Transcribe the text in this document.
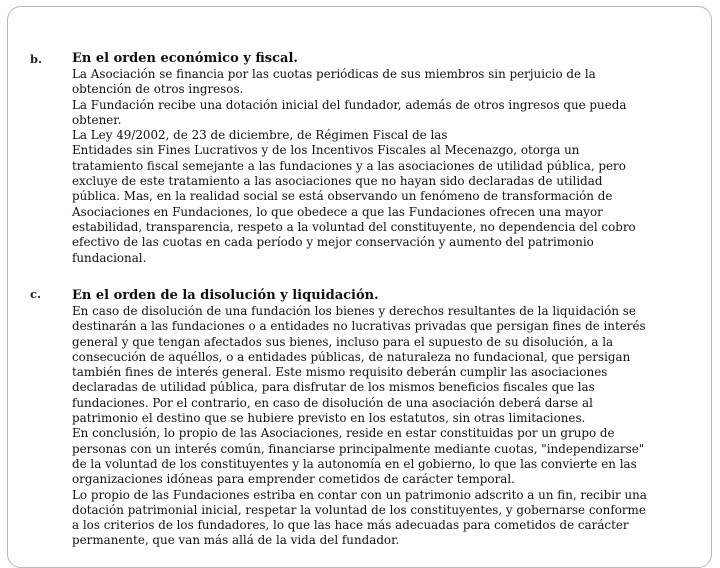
b. En el orden económico y fiscal.

La Asociación se financia por las cuotas periódicas de sus miembros sin perjuicio de la
obtención de otros ingresos.
La Fundación recibe una dotación inicial del fundador, además de otros ingresos que pueda
obtener.
La Ley 49/2002, de 23 de diciembre, de Régimen Fiscal de las
Entidades sin Fines Lucrativos y de los Incentivos Fiscales al Mecenazgo, otorga un
tratamiento fiscal semejante a las fundaciones y a las asociaciones de utilidad pública, pero
excluye de este tratamiento a las asociaciones que no hayan sido declaradas de utilidad
pública. Mas, en la realidad social se está observando un fenómeno de transformación de
Asociaciones en Fundaciones, lo que obedece a que las Fundaciones ofrecen una mayor
estabilidad, transparencia, respeto a la voluntad del constituyente, no dependencia del cobro
efectivo de las cuotas en cada período y mejor conservación y aumento del patrimonio
fundacional.
c. En el orden de la disolución y liquidación.

En caso de disolución de una fundación los bienes y derechos resultantes de la liquidación se
destinarán a las fundaciones o a entidades no lucrativas privadas que persigan fines de interés
general y que tengan afectados sus bienes, incluso para el supuesto de su disolución, a la
consecución de aquéllos, o a entidades públicas, de naturaleza no fundacional, que persigan
también fines de interés general. Este mismo requisito deberán cumplir las asociaciones
declaradas de utilidad pública, para disfrutar de los mismos beneficios fiscales que las
fundaciones. Por el contrario, en caso de disolución de una asociación deberá darse al
patrimonio el destino que se hubiere previsto en los estatutos, sin otras limitaciones.
En conclusión, lo propio de las Asociaciones, reside en estar constituidas por un grupo de
personas con un interés común, financiarse principalmente mediante cuotas, "independizarse"
de la voluntad de los constituyentes y la autonomía en el gobierno, lo que las convierte en las
organizaciones idóneas para emprender cometidos de carácter temporal.
Lo propio de las Fundaciones estriba en contar con un patrimonio adscrito a un fin, recibir una
dotación patrimonial inicial, respetar la voluntad de los constituyentes, y gobernarse conforme
a los criterios de los fundadores, lo que las hace más adecuadas para cometidos de carácter
permanente, que van más allá de la vida del fundador.
